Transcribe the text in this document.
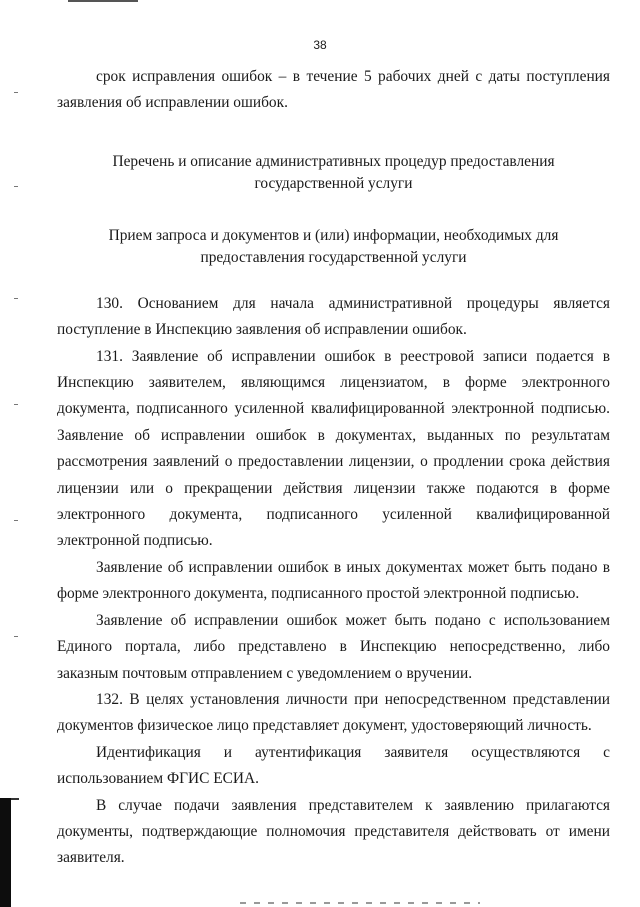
38

срок исправления ошибок – в течение 5 рабочих дней с даты поступления заявления об исправлении ошибок.

Перечень и описание административных процедур предоставления государственной услуги

Прием запроса и документов и (или) информации, необходимых для предоставления государственной услуги

130. Основанием для начала административной процедуры является поступление в Инспекцию заявления об исправлении ошибок.

131. Заявление об исправлении ошибок в реестровой записи подается в Инспекцию заявителем, являющимся лицензиатом, в форме электронного документа, подписанного усиленной квалифицированной электронной подписью. Заявление об исправлении ошибок в документах, выданных по результатам рассмотрения заявлений о предоставлении лицензии, о продлении срока действия лицензии или о прекращении действия лицензии также подаются в форме электронного документа, подписанного усиленной квалифицированной электронной подписью.

Заявление об исправлении ошибок в иных документах может быть подано в форме электронного документа, подписанного простой электронной подписью.

Заявление об исправлении ошибок может быть подано с использованием Единого портала, либо представлено в Инспекцию непосредственно, либо заказным почтовым отправлением с уведомлением о вручении.

132. В целях установления личности при непосредственном представлении документов физическое лицо представляет документ, удостоверяющий личность.

Идентификация и аутентификация заявителя осуществляются с использованием ФГИС ЕСИА.

В случае подачи заявления представителем к заявлению прилагаются документы, подтверждающие полномочия представителя действовать от имени заявителя.
